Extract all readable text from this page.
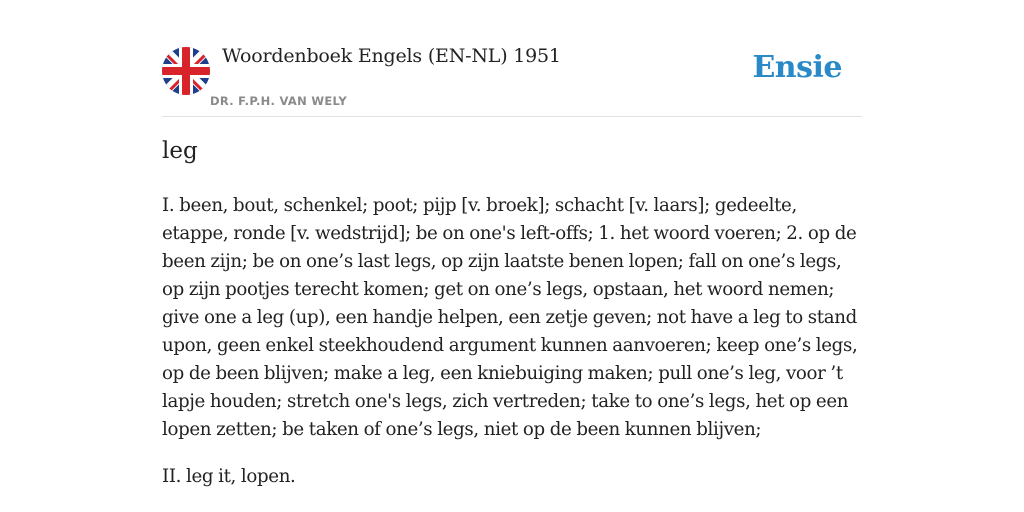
Woordenboek Engels (EN-NL) 1951
DR. F.P.H. VAN WELY
Ensie
leg

I. been, bout, schenkel; poot; pijp [v. broek]; schacht [v. laars]; gedeelte, etappe, ronde [v. wedstrijd]; be on one's left-offs; 1. het woord voeren; 2. op de been zijn; be on one’s last legs, op zijn laatste benen lopen; fall on one’s legs, op zijn pootjes terecht komen; get on one’s legs, opstaan, het woord nemen; give one a leg (up), een handje helpen, een zetje geven; not have a leg to stand upon, geen enkel steekhoudend argument kunnen aanvoeren; keep one’s legs, op de been blijven; make a leg, een kniebuiging maken; pull one’s leg, voor ’t lapje houden; stretch one's legs, zich vertreden; take to one’s legs, het op een lopen zetten; be taken of one’s legs, niet op de been kunnen blijven;

II. leg it, lopen.
